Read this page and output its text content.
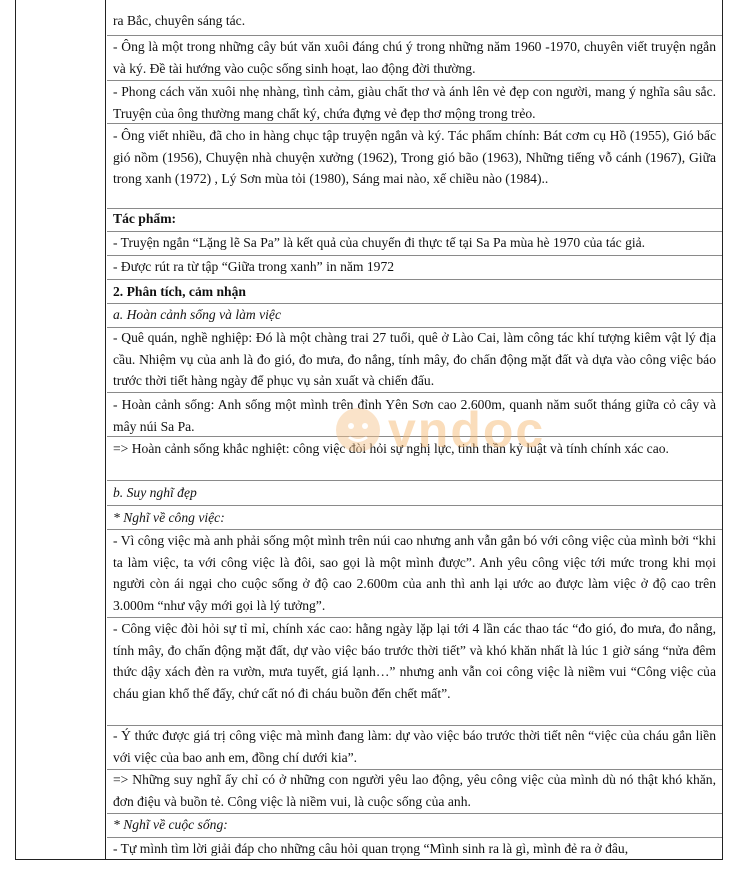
ra Bắc, chuyên sáng tác.

- Ông là một trong những cây bút văn xuôi đáng chú ý trong những năm 1960 -1970, chuyên viết truyện ngắn và ký. Đề tài hướng vào cuộc sống sinh hoạt, lao động đời thường.

- Phong cách văn xuôi nhẹ nhàng, tình cảm, giàu chất thơ và ánh lên vẻ đẹp con người, mang ý nghĩa sâu sắc. Truyện của ông thường mang chất ký, chứa đựng vẻ đẹp thơ mộng trong trẻo.

- Ông viết nhiều, đã cho in hàng chục tập truyện ngắn và ký. Tác phẩm chính: Bát cơm cụ Hồ (1955), Gió bấc gió nồm (1956), Chuyện nhà chuyện xưởng (1962), Trong gió bão (1963), Những tiếng vỗ cánh (1967), Giữa trong xanh (1972) , Lý Sơn mùa tỏi (1980), Sáng mai nào, xế chiều nào (1984)..

Tác phẩm:

- Truyện ngắn “Lặng lẽ Sa Pa” là kết quả của chuyến đi thực tế tại Sa Pa mùa hè 1970 của tác giả.

- Được rút ra từ tập “Giữa trong xanh” in năm 1972

2. Phân tích, cảm nhận

a. Hoàn cảnh sống và làm việc

- Quê quán, nghề nghiệp: Đó là một chàng trai 27 tuổi, quê ở Lào Cai, làm công tác khí tượng kiêm vật lý địa cầu. Nhiệm vụ của anh là đo gió, đo mưa, đo nắng, tính mây, đo chấn động mặt đất và dựa vào công việc báo trước thời tiết hàng ngày để phục vụ sản xuất và chiến đấu.

- Hoàn cảnh sống: Anh sống một mình trên đỉnh Yên Sơn cao 2.600m, quanh năm suốt tháng giữa cỏ cây và mây núi Sa Pa.

=> Hoàn cảnh sống khắc nghiệt: công việc đòi hỏi sự nghị lực, tinh thần kỷ luật và tính chính xác cao.

b. Suy nghĩ đẹp

* Nghĩ về công việc:

- Vì công việc mà anh phải sống một mình trên núi cao nhưng anh vẫn gắn bó với công việc của mình bởi “khi ta làm việc, ta với công việc là đôi, sao gọi là một mình được”. Anh yêu công việc tới mức trong khi mọi người còn ái ngại cho cuộc sống ở độ cao 2.600m của anh thì anh lại ước ao được làm việc ở độ cao trên 3.000m “như vậy mới gọi là lý tưởng”.

- Công việc đòi hỏi sự tỉ mỉ, chính xác cao: hằng ngày lặp lại tới 4 lần các thao tác “đo gió, đo mưa, đo nắng, tính mây, đo chấn động mặt đất, dự vào việc báo trước thời tiết” và khó khăn nhất là lúc 1 giờ sáng “nửa đêm thức dậy xách đèn ra vườn, mưa tuyết, giá lạnh…” nhưng anh vẫn coi công việc là niềm vui “Công việc của cháu gian khổ thế đấy, chứ cất nó đi cháu buồn đến chết mất”.

- Ý thức được giá trị công việc mà mình đang làm: dự vào việc báo trước thời tiết nên “việc của cháu gắn liền với việc của bao anh em, đồng chí dưới kia”.

=> Những suy nghĩ ấy chỉ có ở những con người yêu lao động, yêu công việc của mình dù nó thật khó khăn, đơn điệu và buồn tẻ. Công việc là niềm vui, là cuộc sống của anh.

* Nghĩ về cuộc sống:

- Tự mình tìm lời giải đáp cho những câu hỏi quan trọng “Mình sinh ra là gì, mình đẻ ra ở đâu,

vndoc
